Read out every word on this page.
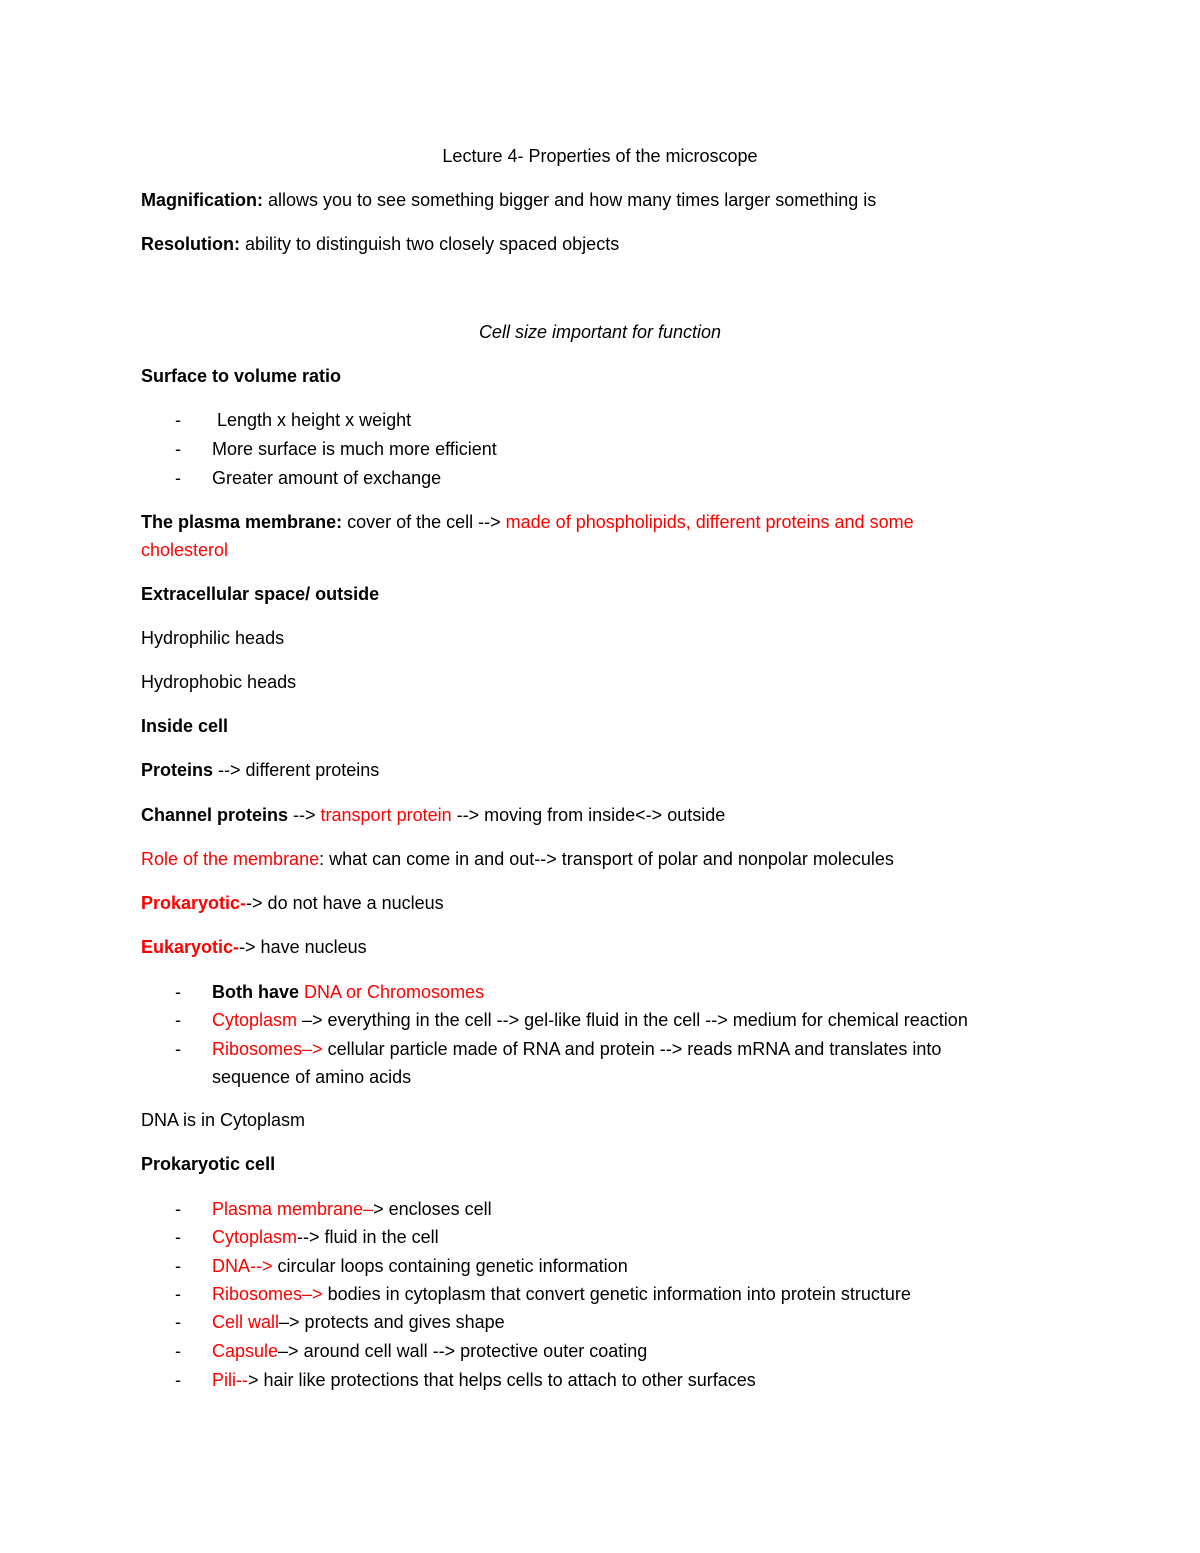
Lecture 4- Properties of the microscope
Magnification: allows you to see something bigger and how many times larger something is
Resolution: ability to distinguish two closely spaced objects
Cell size important for function
Surface to volume ratio
- Length x height x weight
- More surface is much more efficient
- Greater amount of exchange
The plasma membrane: cover of the cell --> made of phospholipids, different proteins and some
cholesterol
Extracellular space/ outside
Hydrophilic heads
Hydrophobic heads
Inside cell
Proteins --> different proteins
Channel proteins --> transport protein --> moving from inside<-> outside
Role of the membrane: what can come in and out--> transport of polar and nonpolar molecules
Prokaryotic--> do not have a nucleus
Eukaryotic--> have nucleus
- Both have DNA or Chromosomes
- Cytoplasm –> everything in the cell --> gel-like fluid in the cell --> medium for chemical reaction
- Ribosomes–> cellular particle made of RNA and protein --> reads mRNA and translates into
sequence of amino acids
DNA is in Cytoplasm
Prokaryotic cell
- Plasma membrane–> encloses cell
- Cytoplasm--> fluid in the cell
- DNA--> circular loops containing genetic information
- Ribosomes–> bodies in cytoplasm that convert genetic information into protein structure
- Cell wall–> protects and gives shape
- Capsule–> around cell wall --> protective outer coating
- Pili--> hair like protections that helps cells to attach to other surfaces
